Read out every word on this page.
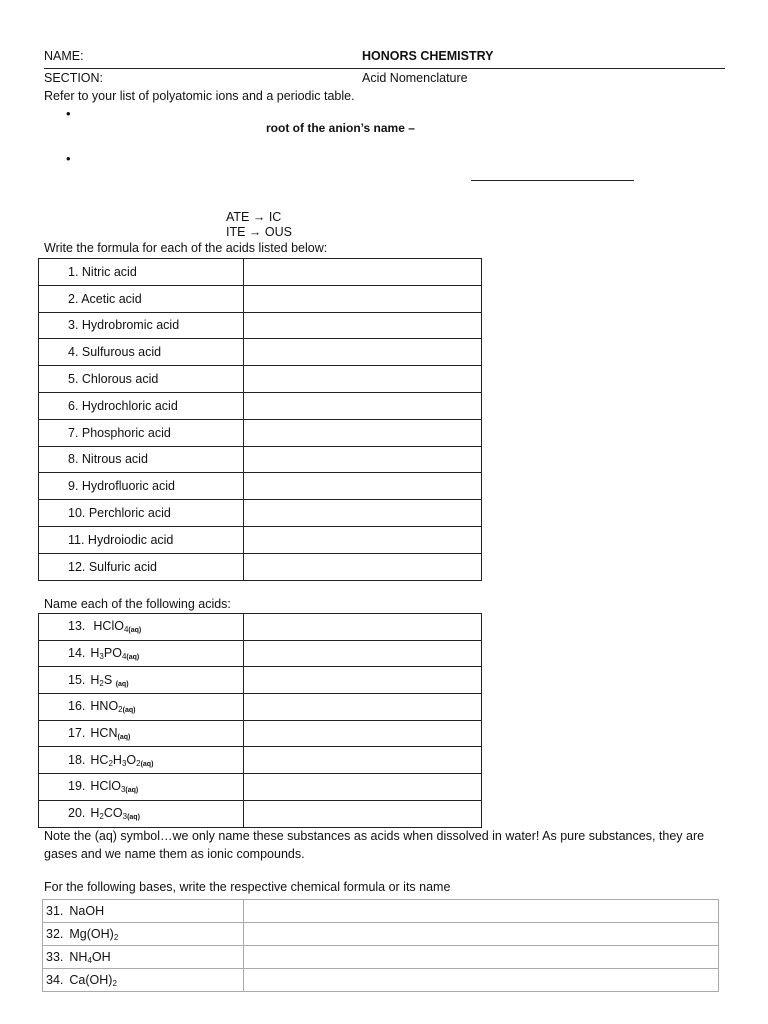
NAME:	HONORS CHEMISTRY
SECTION:	Acid Nomenclature
Refer to your list of polyatomic ions and a periodic table.
•
root of the anion’s name –
•
ATE → IC
ITE → OUS
Write the formula for each of the acids listed below:
1. Nitric acid	
2. Acetic acid	
3. Hydrobromic acid	
4. Sulfurous acid	
5. Chlorous acid	
6. Hydrochloric acid	
7. Phosphoric acid	
8. Nitrous acid	
9. Hydrofluoric acid	
10. Perchloric acid	
11. Hydroiodic acid	
12. Sulfuric acid	
Name each of the following acids:
13. HClO$_4$(aq)	
14. $H_3PO_4(aq)$	
15. $H_2S$ (aq)	
16. $HNO_2(aq)$	
17. HCN(aq)	
18. $HC_2H_3O_2(aq)$	
19. HClO$_3$(aq)	
20. $H_2CO_3(aq)$	
Note the (aq) symbol…we only name these substances as acids when dissolved in water! As pure substances, they are
gases and we name them as ionic compounds.
For the following bases, write the respective chemical formula or its name
31. NaOH	
32. $Mg(OH)_2$	
33. $NH_4OH$	
34. $Ca(OH)_2$	
